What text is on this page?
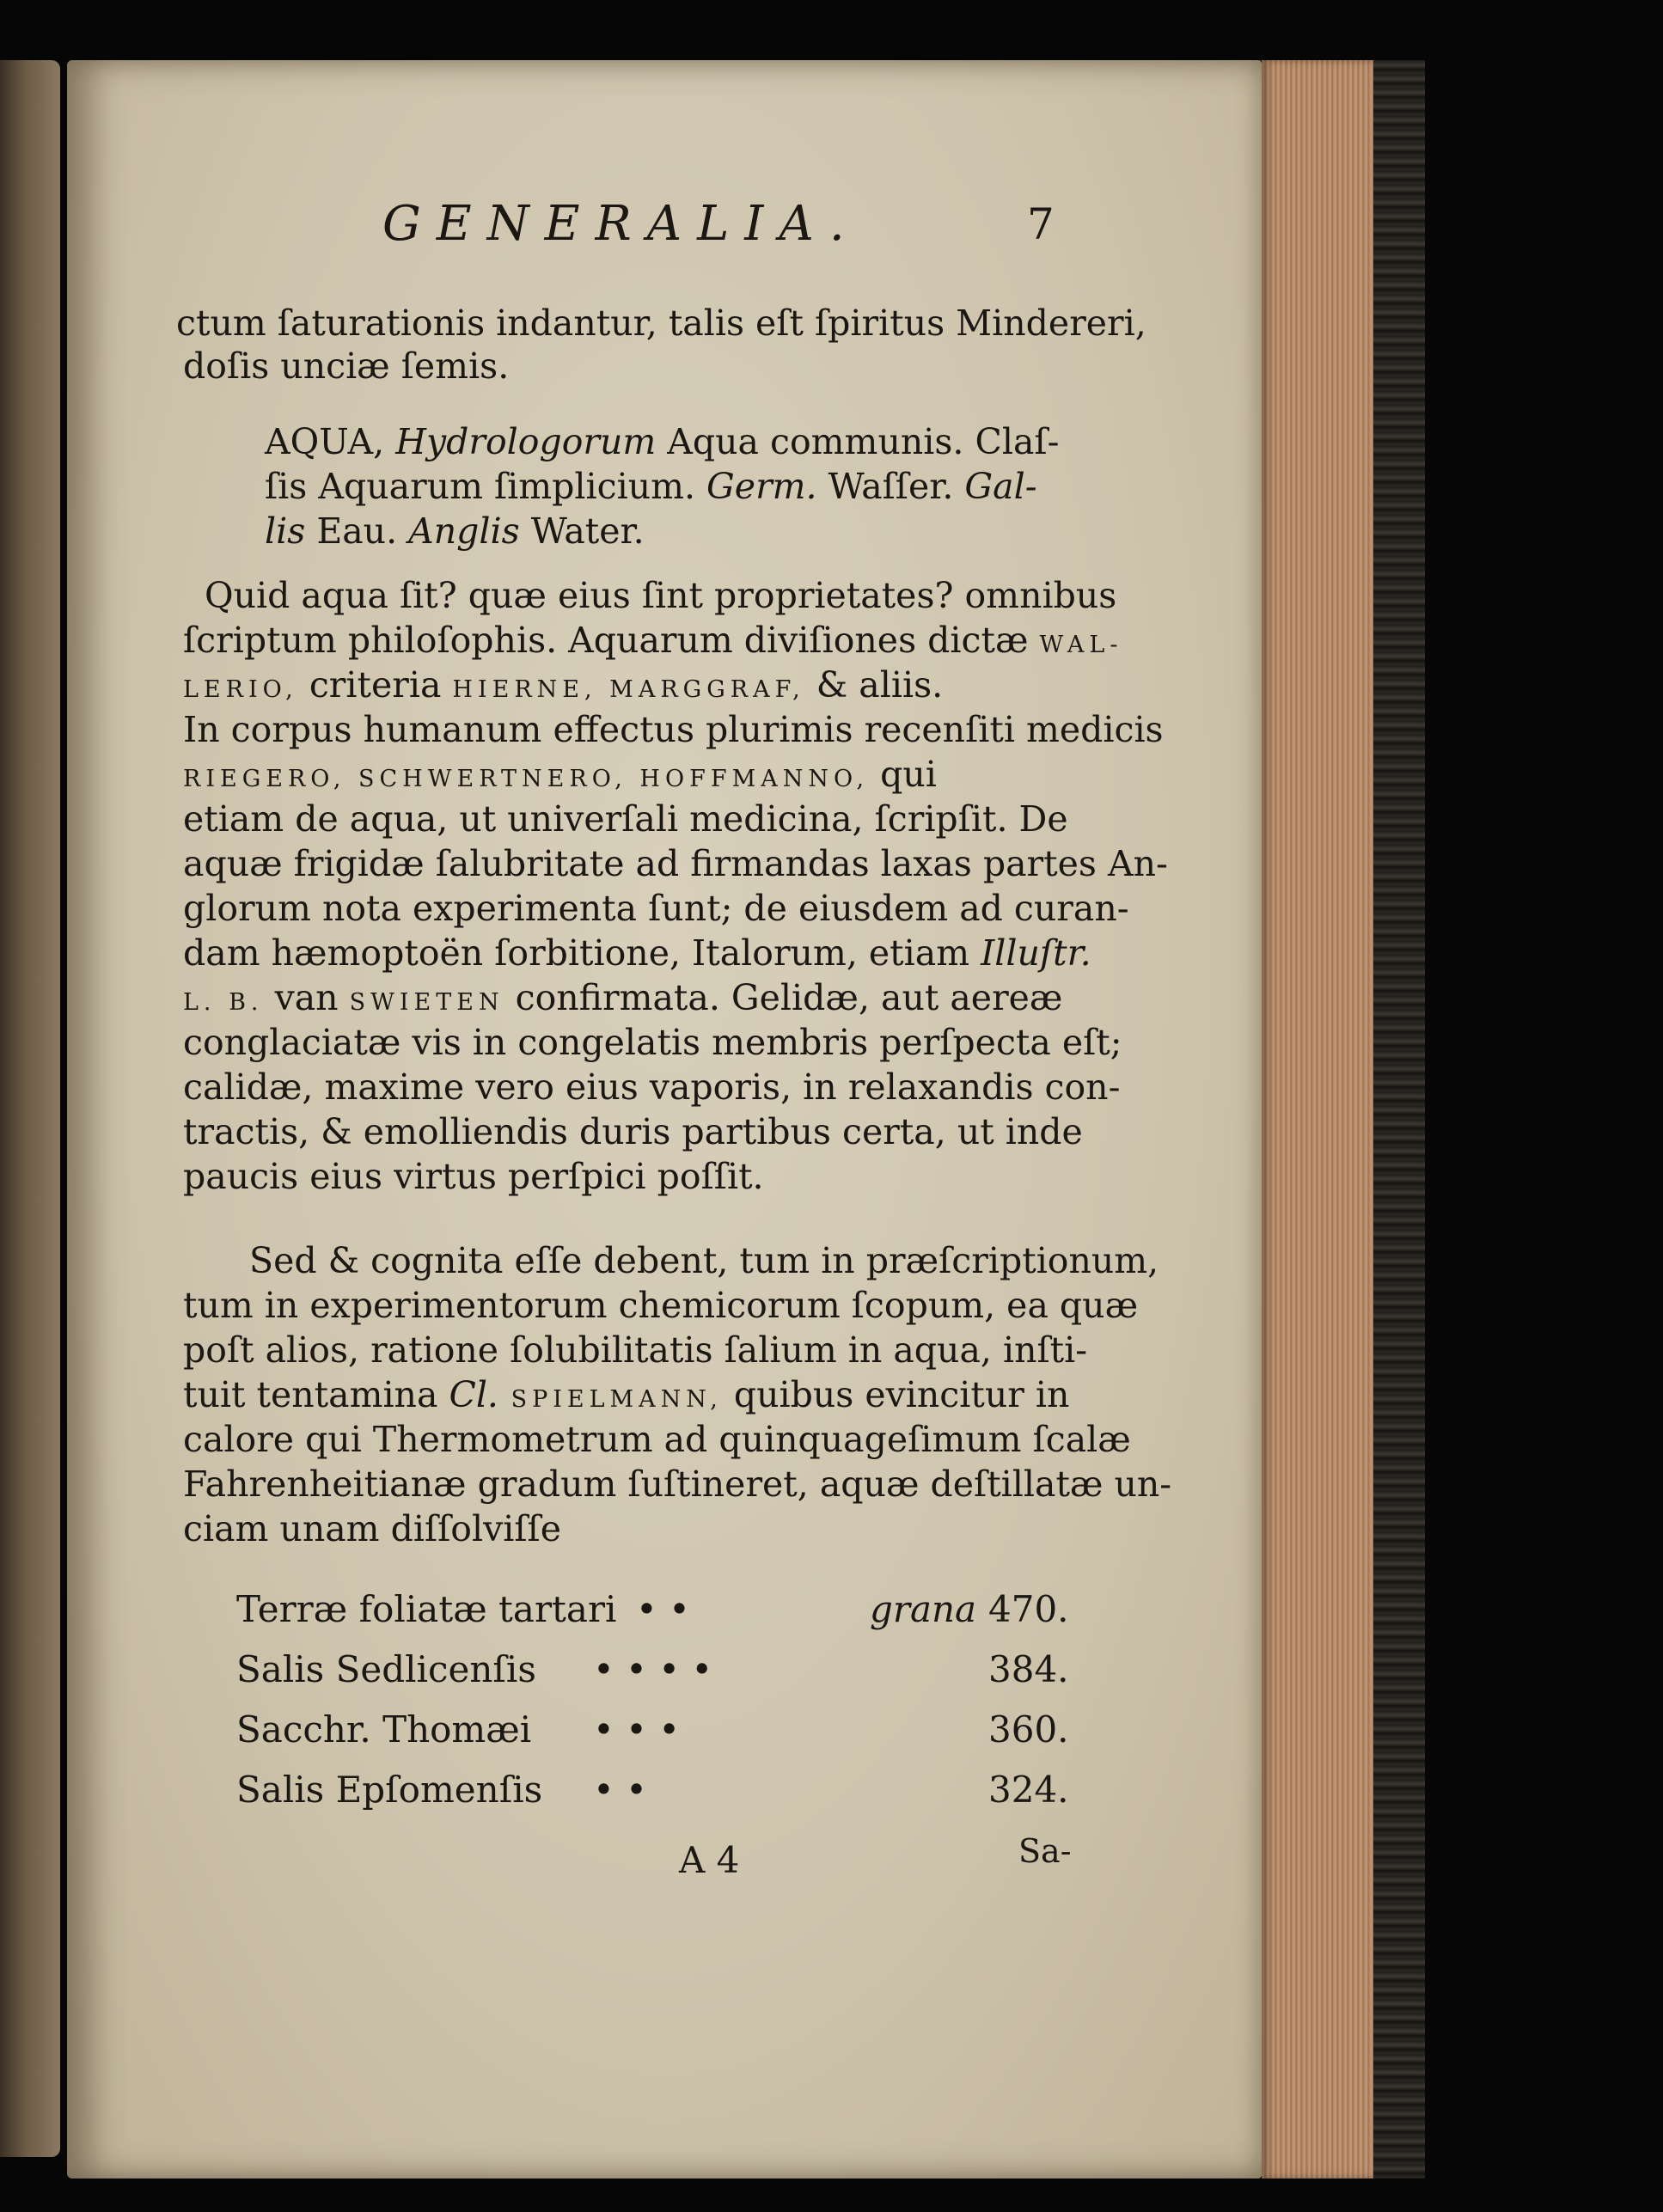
GENERALIA.	7
ctum ſaturationis indantur, talis eſt ſpiritus Mindereri,
doſis unciæ ſemis.
AQUA, Hydrologorum Aqua communis. Claſ-
ſis Aquarum ſimplicium. Germ. Waſſer. Gal-
lis Eau. Anglis Water.
Quid aqua ſit? quæ eius ſint proprietates? omnibus
ſcriptum philoſophis. Aquarum diviſiones dictæ WAL-
LERIO, criteria HIERNE, MARGGRAF, & aliis.
In corpus humanum effectus plurimis recenſiti medicis
RIEGERO, SCHWERTNERO, HOFFMANNO, qui
etiam de aqua, ut univerſali medicina, ſcripſit. De
aquæ frigidæ ſalubritate ad firmandas laxas partes An-
glorum nota experimenta ſunt; de eiusdem ad curan-
dam hæmoptoën ſorbitione, Italorum, etiam Illuſtr.
L. B. van SWIETEN confirmata. Gelidæ, aut aereæ
conglaciatæ vis in congelatis membris perſpecta eſt;
calidæ, maxime vero eius vaporis, in relaxandis con-
tractis, & emolliendis duris partibus certa, ut inde
paucis eius virtus perſpici poſſit.
Sed & cognita eſſe debent, tum in præſcriptionum,
tum in experimentorum chemicorum ſcopum, ea quæ
poſt alios, ratione ſolubilitatis ſalium in aqua, inſti-
tuit tentamina Cl. SPIELMANN, quibus evincitur in
calore qui Thermometrum ad quinquageſimum ſcalæ
Fahrenheitianæ gradum ſuſtineret, aquæ deſtillatæ un-
ciam unam diſſolviſſe
Terræ foliatæ tartari • •	grana 470.
Salis Sedlicenſis • • • •	384.
Sacchr. Thomæi • • •	360.
Salis Epſomenſis • •	324.
A 4	Sa-
